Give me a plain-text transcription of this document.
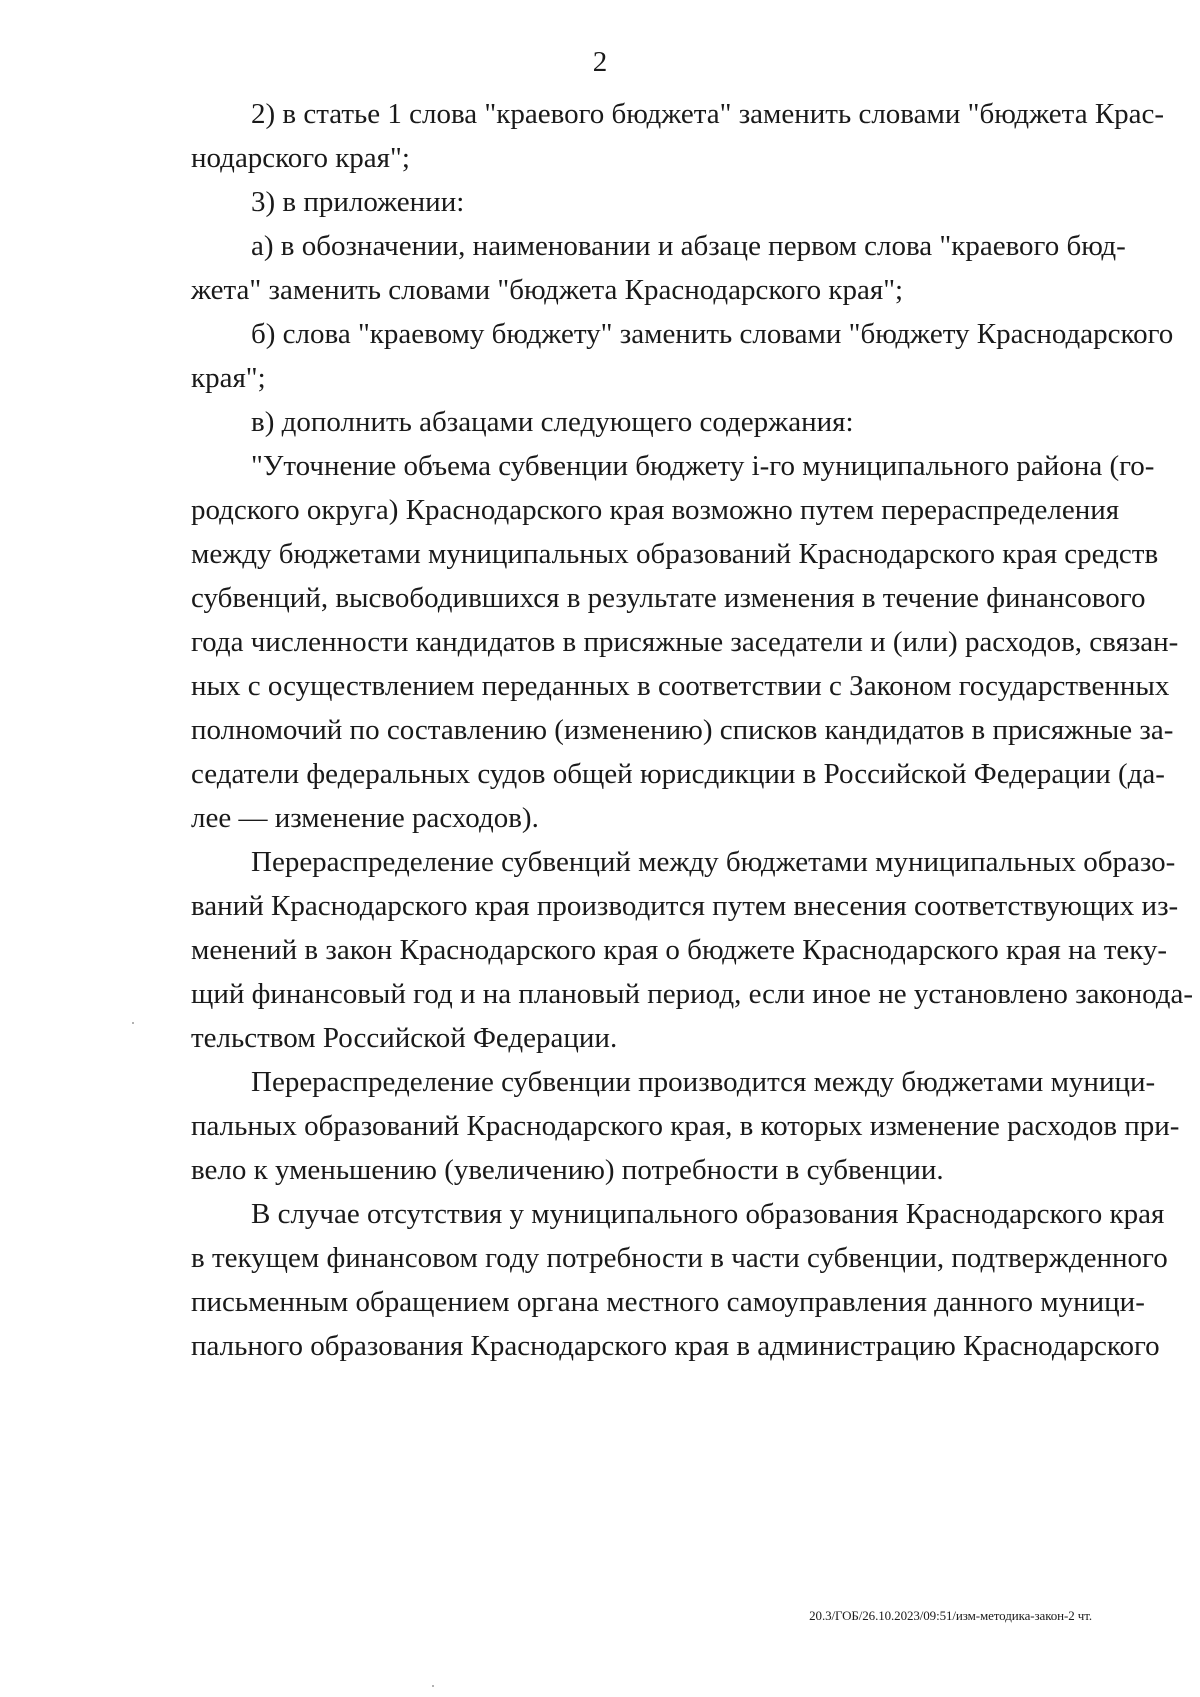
2
2) в статье 1 слова "краевого бюджета" заменить словами "бюджета Крас-
нодарского края";
3) в приложении:
а) в обозначении, наименовании и абзаце первом слова "краевого бюд-
жета" заменить словами "бюджета Краснодарского края";
б) слова "краевому бюджету" заменить словами "бюджету Краснодарского
края";
в) дополнить абзацами следующего содержания:
"Уточнение объема субвенции бюджету i-го муниципального района (го-
родского округа) Краснодарского края возможно путем перераспределения
между бюджетами муниципальных образований Краснодарского края средств
субвенций, высвободившихся в результате изменения в течение финансового
года численности кандидатов в присяжные заседатели и (или) расходов, связан-
ных с осуществлением переданных в соответствии с Законом государственных
полномочий по составлению (изменению) списков кандидатов в присяжные за-
седатели федеральных судов общей юрисдикции в Российской Федерации (да-
лее — изменение расходов).
Перераспределение субвенций между бюджетами муниципальных образо-
ваний Краснодарского края производится путем внесения соответствующих из-
менений в закон Краснодарского края о бюджете Краснодарского края на теку-
щий финансовый год и на плановый период, если иное не установлено законода-
тельством Российской Федерации.
Перераспределение субвенции производится между бюджетами муници-
пальных образований Краснодарского края, в которых изменение расходов при-
вело к уменьшению (увеличению) потребности в субвенции.
В случае отсутствия у муниципального образования Краснодарского края
в текущем финансовом году потребности в части субвенции, подтвержденного
письменным обращением органа местного самоуправления данного муници-
пального образования Краснодарского края в администрацию Краснодарского
20.3/ГОБ/26.10.2023/09:51/изм-методика-закон-2 чт.
